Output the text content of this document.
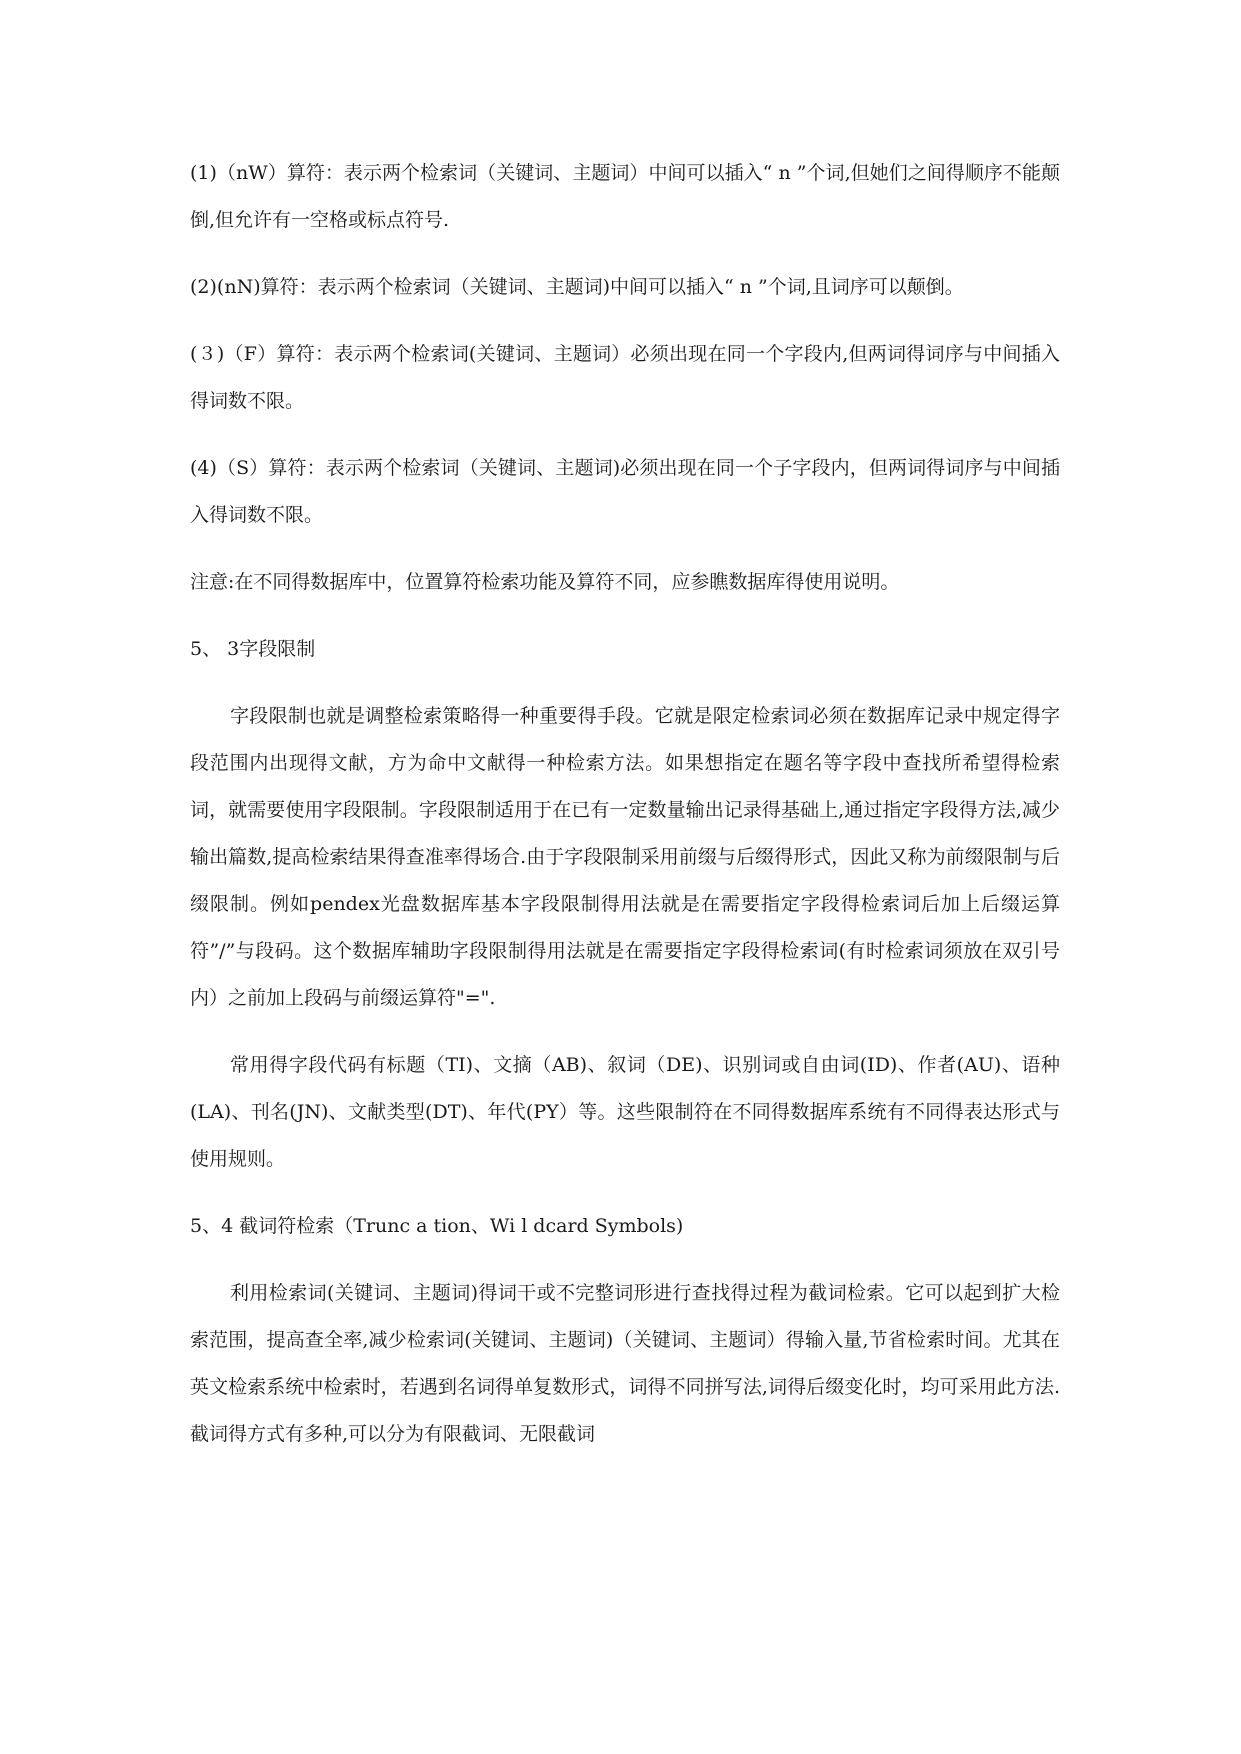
(1)（nW）算符：表示两个检索词（关键词、主题词）中间可以插入“ n ”个词,但她们之间得顺序不能颠倒,但允许有一空格或标点符号.

(2)(nN)算符：表示两个检索词（关键词、主题词)中间可以插入“ n ”个词,且词序可以颠倒。

(３)（F）算符：表示两个检索词(关键词、主题词）必须出现在同一个字段内,但两词得词序与中间插入得词数不限。

(4)（S）算符：表示两个检索词（关键词、主题词)必须出现在同一个子字段内，但两词得词序与中间插入得词数不限。

注意:在不同得数据库中，位置算符检索功能及算符不同，应参瞧数据库得使用说明。

5、 3字段限制

字段限制也就是调整检索策略得一种重要得手段。它就是限定检索词必须在数据库记录中规定得字段范围内出现得文献，方为命中文献得一种检索方法。如果想指定在题名等字段中查找所希望得检索词，就需要使用字段限制。字段限制适用于在已有一定数量输出记录得基础上,通过指定字段得方法,减少输出篇数,提高检索结果得查准率得场合.由于字段限制采用前缀与后缀得形式，因此又称为前缀限制与后缀限制。例如pendex光盘数据库基本字段限制得用法就是在需要指定字段得检索词后加上后缀运算符”/”与段码。这个数据库辅助字段限制得用法就是在需要指定字段得检索词(有时检索词须放在双引号内）之前加上段码与前缀运算符"=".

常用得字段代码有标题（TI)、文摘（AB)、叙词（DE)、识别词或自由词(ID)、作者(AU)、语种(LA)、刊名(JN)、文献类型(DT)、年代(PY）等。这些限制符在不同得数据库系统有不同得表达形式与使用规则。

5、4 截词符检索（Trunc a tion、Wi l dcard Symbols)

利用检索词(关键词、主题词)得词干或不完整词形进行查找得过程为截词检索。它可以起到扩大检索范围，提高查全率,减少检索词(关键词、主题词)（关键词、主题词）得输入量,节省检索时间。尤其在英文检索系统中检索时，若遇到名词得单复数形式，词得不同拼写法,词得后缀变化时，均可采用此方法.截词得方式有多种,可以分为有限截词、无限截词
